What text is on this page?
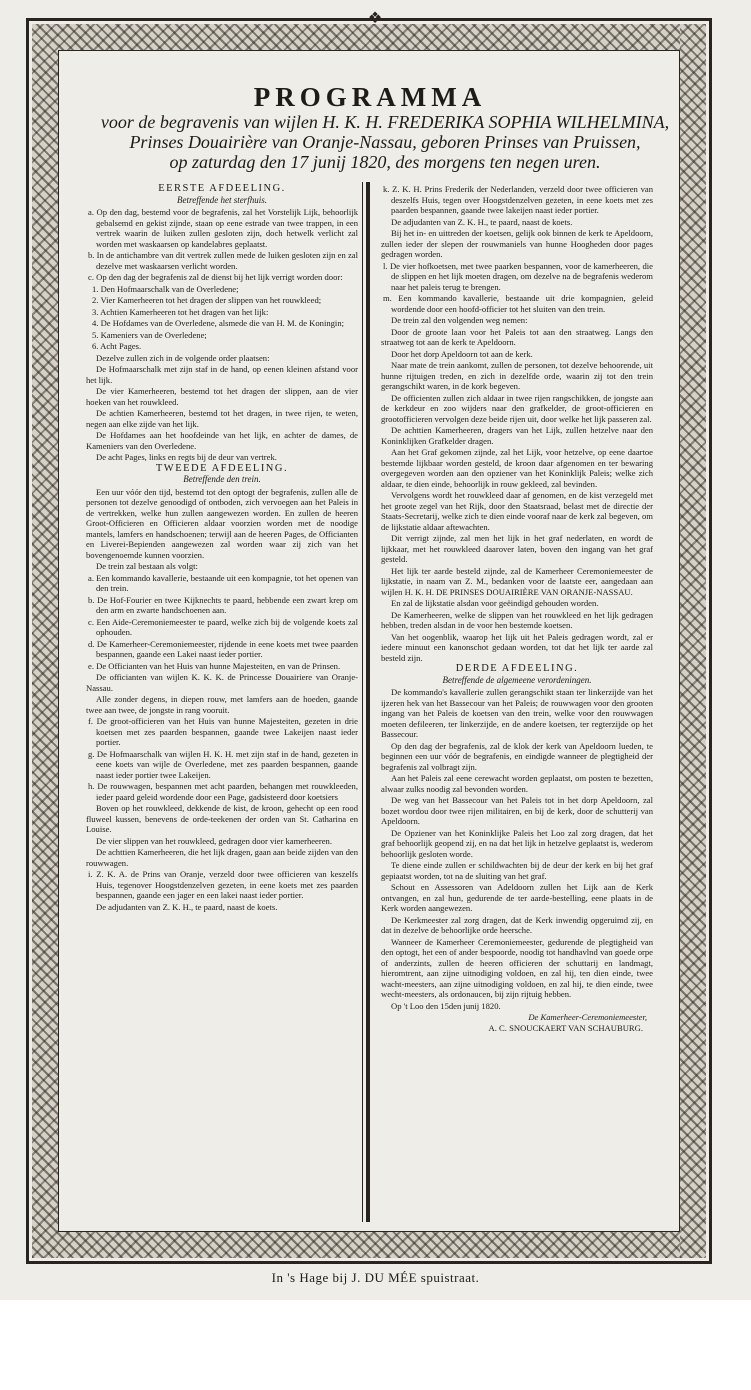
❖
PROGRAMMA
voor de begravenis van wijlen H. K. H. FREDERIKA SOPHIA WILHELMINA,
Prinses Douairière van Oranje-Nassau, geboren Prinses van Pruissen,
op zaturdag den 17 junij 1820, des morgens ten negen uren.
EERSTE AFDEELING.
Betreffende het sterfhuis.
a. Op den dag, bestemd voor de begrafenis, zal het Vorstelijk Lijk, behoorlijk gebalsemd en gekist zijnde, staan op eene estrade van twee trappen, in een vertrek waarin de luiken zullen gesloten zijn, doch hetwelk verlicht zal worden met waskaarsen op kandelabres geplaatst.
b. In de antichambre van dit vertrek zullen mede de luiken gesloten zijn en zal dezelve met waskaarsen verlicht worden.
c. Op den dag der begrafenis zal de dienst bij het lijk verrigt worden door:
1. Den Hofmaarschalk van de Overledene;
2. Vier Kamerheeren tot het dragen der slippen van het rouwkleed;
3. Achtien Kamerheeren tot het dragen van het lijk:
4. De Hofdames van de Overledene, alsmede die van H. M. de Koningin;
5. Kameniers van de Overledene;
6. Acht Pages.
Dezelve zullen zich in de volgende order plaatsen:
De Hofmaarschalk met zijn staf in de hand, op eenen kleinen afstand voor het lijk.
De vier Kamerheeren, bestemd tot het dragen der slippen, aan de vier hoeken van het rouwkleed.
De achtien Kamerheeren, bestemd tot het dragen, in twee rijen, te weten, negen aan elke zijde van het lijk.
De Hofdames aan het hoofdeinde van het lijk, en achter de dames, de Kameniers van den Overledene.
De acht Pages, links en regts bij de deur van vertrek.
TWEEDE AFDEELING.
Betreffende den trein.
Een uur vóór den tijd, bestemd tot den optogt der begrafenis, zullen alle de personen tot dezelve genoodigd of ontboden, zich vervoegen aan het Paleis in de vertrekken, welke hun zullen aangewezen worden. En zullen de heeren Groot-Officieren en Officieren aldaar voorzien worden met de noodige mantels, lamfers en handschoenen; terwijl aan de heeren Pages, de Officianten en Liverei-Bepienden aangewezen zal worden waar zij zich van het bovengenoemde kunnen voorzien.
De trein zal bestaan als volgt:
a. Een kommando kavallerie, bestaande uit een kompagnie, tot het openen van den trein.
b. De Hof-Fourier en twee Kijknechts te paard, hebbende een zwart krep om den arm en zwarte handschoenen aan.
c. Een Aide-Ceremoniemeester te paard, welke zich bij de volgende koets zal ophouden.
d. De Kamerheer-Ceremoniemeester, rijdende in eene koets met twee paarden bespannen, gaande een Lakei naast ieder portier.
e. De Officianten van het Huis van hunne Majesteiten, en van de Prinsen.
De officianten van wijlen K. K. K. de Princesse Douairiere van Oranje-Nassau.
Alle zonder degens, in diepen rouw, met lamfers aan de hoeden, gaande twee aan twee, de jongste in rang vooruit.
f. De groot-officieren van het Huis van hunne Majesteiten, gezeten in drie koetsen met zes paarden bespannen, gaande twee Lakeijen naast ieder portier.
g. De Hofmaarschalk van wijlen H. K. H. met zijn staf in de hand, gezeten in eene koets van wijle de Overledene, met zes paarden bespannen, gaande naast ieder portier twee Lakeijen.
h. De rouwwagen, bespannen met acht paarden, behangen met rouwkleeden, ieder paard geleid wordende door een Page, gadsisteerd door koetsiers
Boven op het rouwkleed, dekkende de kist, de kroon, gehecht op een rood fluweel kussen, benevens de orde-teekenen der orden van St. Catharina en Louise.
De vier slippen van het rouwkleed, gedragen door vier kamerheeren.
De achttien Kamerheeren, die het lijk dragen, gaan aan beide zijden van den rouwwagen.
i. Z. K. A. de Prins van Oranje, verzeld door twee officieren van keszelfs Huis, tegenover Hoogstdenzelven gezeten, in eene koets met zes paarden bespannen, gaande een jager en een lakei naast ieder portier.
De adjudanten van Z. K. H., te paard, naast de koets.
k. Z. K. H. Prins Frederik der Nederlanden, verzeld door twee officieren van deszelfs Huis, tegen over Hoogstdenzelven gezeten, in eene koets met zes paarden bespannen, gaande twee lakeijen naast ieder portier.
De adjudanten van Z. K. H., te paard, naast de koets.
Bij het in- en uittreden der koetsen, gelijk ook binnen de kerk te Apeldoorn, zullen ieder der slepen der rouwmaniels van hunne Hoogheden door pages gedragen worden.
l. De vier hofkoetsen, met twee paarken bespannen, voor de kamerheeren, die de slippen en het lijk moeten dragen, om dezelve na de begrafenis wederom naar het paleis terug te brengen.
m. Een kommando kavallerie, bestaande uit drie kompagnien, geleid wordende door een hoofd-officier tot het sluiten van den trein.
De trein zal den volgenden weg nemen:
Door de groote laan voor het Paleis tot aan den straatweg. Langs den straatweg tot aan de kerk te Apeldoorn.
Door het dorp Apeldoorn tot aan de kerk.
Naar mate de trein aankomt, zullen de personen, tot dezelve behoorende, uit hunne rijtuigen treden, en zich in dezelfde orde, waarin zij tot den trein gerangschikt waren, in de kork begeven.
De officienten zullen zich aldaar in twee rijen rangschikken, de jongste aan de kerkdeur en zoo wijders naar den grafkelder, de groot-officieren en grootofficieren vervolgen deze beide rijen uit, door welke het lijk passeren zal.
De achttien Kamerheeren, dragers van het Lijk, zullen hetzelve naar den Koninklijken Grafkelder dragen.
Aan het Graf gekomen zijnde, zal het Lijk, voor hetzelve, op eene daartoe bestemde lijkbaar worden gesteld, de kroon daar afgenomen en ter bewaring overgegeven worden aan den opziener van het Koninklijk Paleis; welke zich aldaar, te dien einde, behoorlijk in rouw gekleed, zal bevinden.
Vervolgens wordt het rouwkleed daar af genomen, en de kist verzegeld met het groote zegel van het Rijk, door den Staatsraad, belast met de directie der Staats-Secretarij, welke zich te dien einde vooraf naar de kerk zal begeven, om de lijkstatie aldaar aftewachten.
Dit verrigt zijnde, zal men het lijk in het graf nederlaten, en wordt de lijkkaar, met het rouwkleed daarover laten, boven den ingang van het graf gesteld.
Het lijk ter aarde besteld zijnde, zal de Kamerheer Ceremoniemeester de lijkstatie, in naam van Z. M., bedanken voor de laatste eer, aangedaan aan wijlen H. K. H. DE PRINSES DOUAIRIÈRE VAN ORANJE-NASSAU.
En zal de lijkstatie alsdan voor geëindigd gehouden worden.
De Kamerheeren, welke de slippen van het rouwkleed en het lijk gedragen hebben, treden alsdan in de voor hen bestemde koetsen.
Van het oogenblik, waarop het lijk uit het Paleis gedragen wordt, zal er iedere minuut een kanonschot gedaan worden, tot dat het lijk ter aarde zal besteld zijn.
DERDE AFDEELING.
Betreffende de algemeene verordeningen.
De kommando's kavallerie zullen gerangschikt staan ter linkerzijde van het ijzeren hek van het Bassecour van het Paleis; de rouwwagen voor den grooten ingang van het Paleis de koetsen van den trein, welke voor den rouwwagen moeten defileeren, ter linkerzijde, en de andere koetsen, ter regterzijde op het Bassecour.
Op den dag der begrafenis, zal de klok der kerk van Apeldoorn lueden, te beginnen een uur vóór de begrafenis, en eindigde wanneer de plegtigheid der begrafenis zal volbragt zijn.
Aan het Paleis zal eene cerewacht worden geplaatst, om posten te bezetten, alwaar zulks noodig zal bevonden worden.
De weg van het Bassecour van het Paleis tot in het dorp Apeldoorn, zal bozet wordou door twee rijen militairen, en bij de kerk, door de schutterij van Apeldoorn.
De Opziener van het Koninklijke Paleis het Loo zal zorg dragen, dat het graf behoorlijk geopend zij, en na dat het lijk in hetzelve geplaatst is, wederom behoorlijk gesloten worde.
Te diene einde zullen er schildwachten bij de deur der kerk en bij het graf gepiaatst worden, tot na de sluiting van het graf.
Schout en Assessoren van Adeldoorn zullen het Lijk aan de Kerk ontvangen, en zal hun, gedurende de ter aarde-bestelling, eene plaats in de Kerk worden aangewezen.
De Kerkmeester zal zorg dragen, dat de Kerk inwendig opgeruimd zij, en dat in dezelve de behoorlijke orde heersche.
Wanneer de Kamerheer Ceremoniemeester, gedurende de plegtigheid van den optogt, het een of ander bespoorde, noodig tot handhavlnd van goede orpe of anderzints, zullen de heeren officieren der schuttarij en landmagt, hieromtrent, aan zijne uitnodiging voldoen, en zal hij, ten dien einde, twee wacht-meesters, aan zijne uitnodiging voldoen, en zal hij, te dien einde, twee wecht-meesters, als ordonaucen, bij zijn rijtuig hebben.
Op 't Loo den 15den junij 1820.
De Kamerheer-Ceremoniemeester,
A. C. SNOUCKAERT VAN SCHAUBURG.
In 's Hage bij J. DU MÉE spuistraat.
